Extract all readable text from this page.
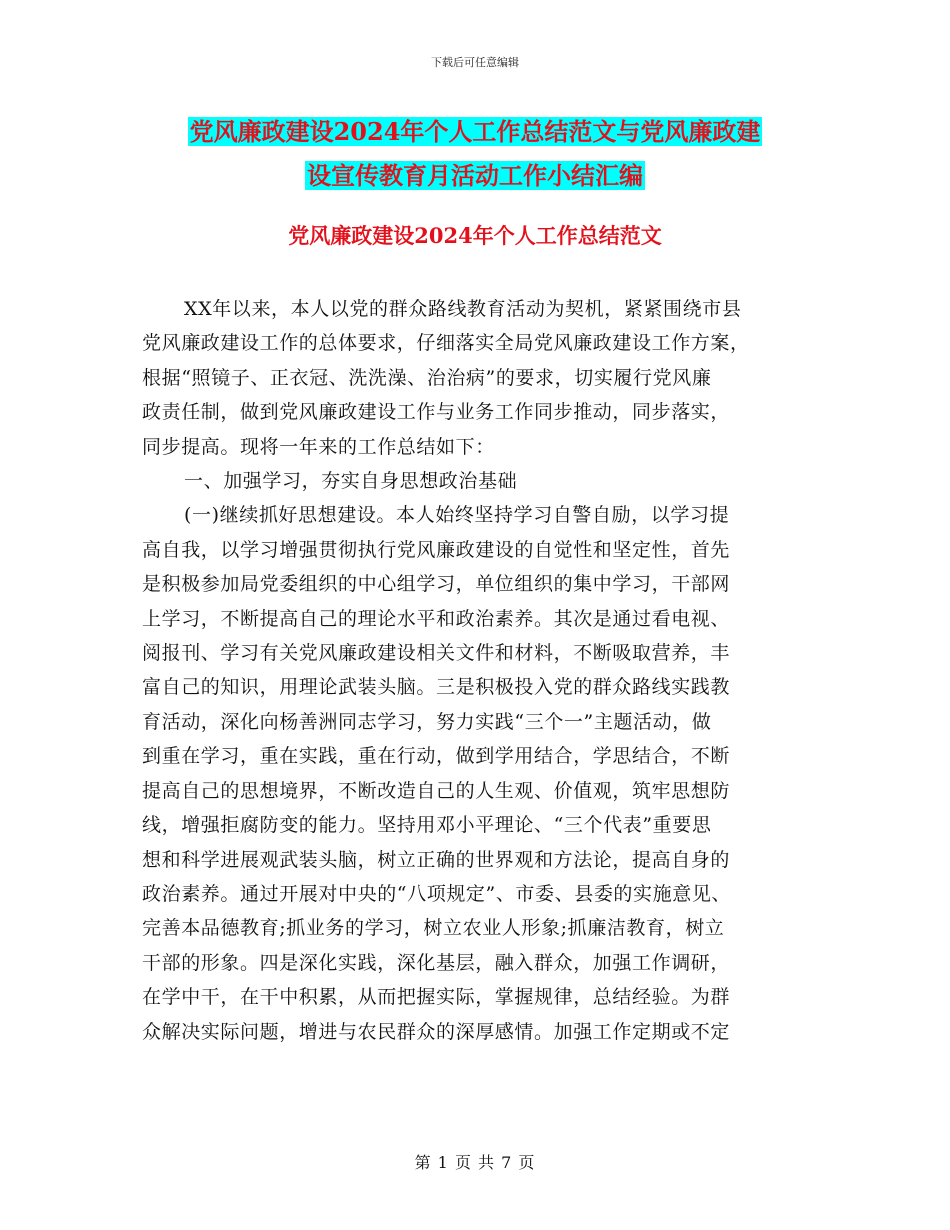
下载后可任意编辑
党风廉政建设2024年个人工作总结范文与党风廉政建
设宣传教育月活动工作小结汇编
党风廉政建设2024年个人工作总结范文
XX年以来，本人以党的群众路线教育活动为契机，紧紧围绕市县
党风廉政建设工作的总体要求，仔细落实全局党风廉政建设工作方案，
根据“照镜子、正衣冠、洗洗澡、治治病”的要求，切实履行党风廉
政责任制，做到党风廉政建设工作与业务工作同步推动，同步落实，
同步提高。现将一年来的工作总结如下：
一、加强学习，夯实自身思想政治基础
(一)继续抓好思想建设。本人始终坚持学习自警自励，以学习提
高自我，以学习增强贯彻执行党风廉政建设的自觉性和坚定性，首先
是积极参加局党委组织的中心组学习，单位组织的集中学习，干部网
上学习，不断提高自己的理论水平和政治素养。其次是通过看电视、
阅报刊、学习有关党风廉政建设相关文件和材料，不断吸取营养，丰
富自己的知识，用理论武装头脑。三是积极投入党的群众路线实践教
育活动，深化向杨善洲同志学习，努力实践“三个一”主题活动，做
到重在学习，重在实践，重在行动，做到学用结合，学思结合，不断
提高自己的思想境界，不断改造自己的人生观、价值观，筑牢思想防
线，增强拒腐防变的能力。坚持用邓小平理论、“三个代表”重要思
想和科学进展观武装头脑，树立正确的世界观和方法论，提高自身的
政治素养。通过开展对中央的“八项规定”、市委、县委的实施意见、
完善本品德教育;抓业务的学习，树立农业人形象;抓廉洁教育，树立
干部的形象。四是深化实践，深化基层，融入群众，加强工作调研，
在学中干，在干中积累，从而把握实际，掌握规律，总结经验。为群
众解决实际问题，增进与农民群众的深厚感情。加强工作定期或不定
第 1 页 共 7 页
